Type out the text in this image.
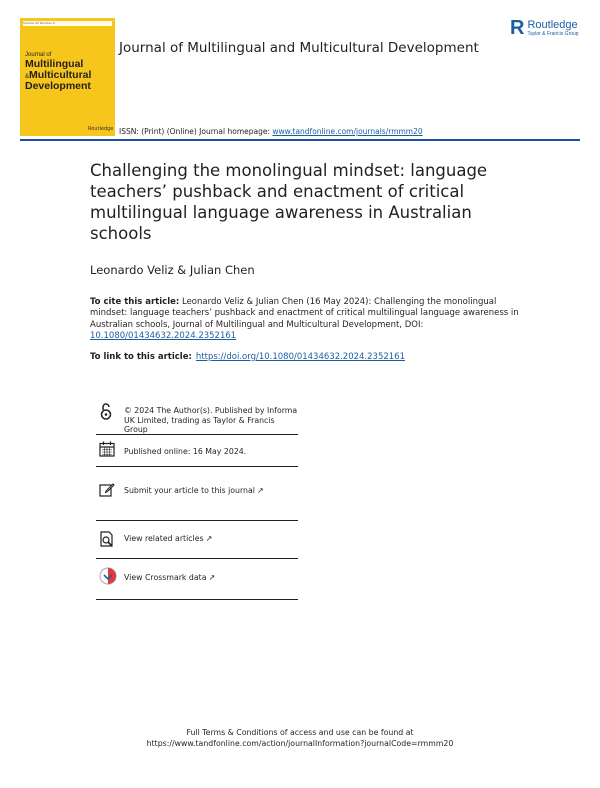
Volume 45 Number 6
Journal of
Multilingual
&Multicultural
Development
Routledge
R Routledge
Taylor & Francis Group
Journal of Multilingual and Multicultural Development
ISSN: (Print) (Online) Journal homepage: www.tandfonline.com/journals/rmmm20
Challenging the monolingual mindset: language teachers’ pushback and enactment of critical multilingual language awareness in Australian schools
Leonardo Veliz & Julian Chen
To cite this article: Leonardo Veliz & Julian Chen (16 May 2024): Challenging the monolingual mindset: language teachers’ pushback and enactment of critical multilingual language awareness in Australian schools, Journal of Multilingual and Multicultural Development, DOI: 10.1080/01434632.2024.2352161
To link to this article: https://doi.org/10.1080/01434632.2024.2352161
© 2024 The Author(s). Published by Informa UK Limited, trading as Taylor & Francis Group
Published online: 16 May 2024.
Submit your article to this journal ↗
View related articles ↗
View Crossmark data ↗
Full Terms & Conditions of access and use can be found at
https://www.tandfonline.com/action/journalInformation?journalCode=rmmm20
